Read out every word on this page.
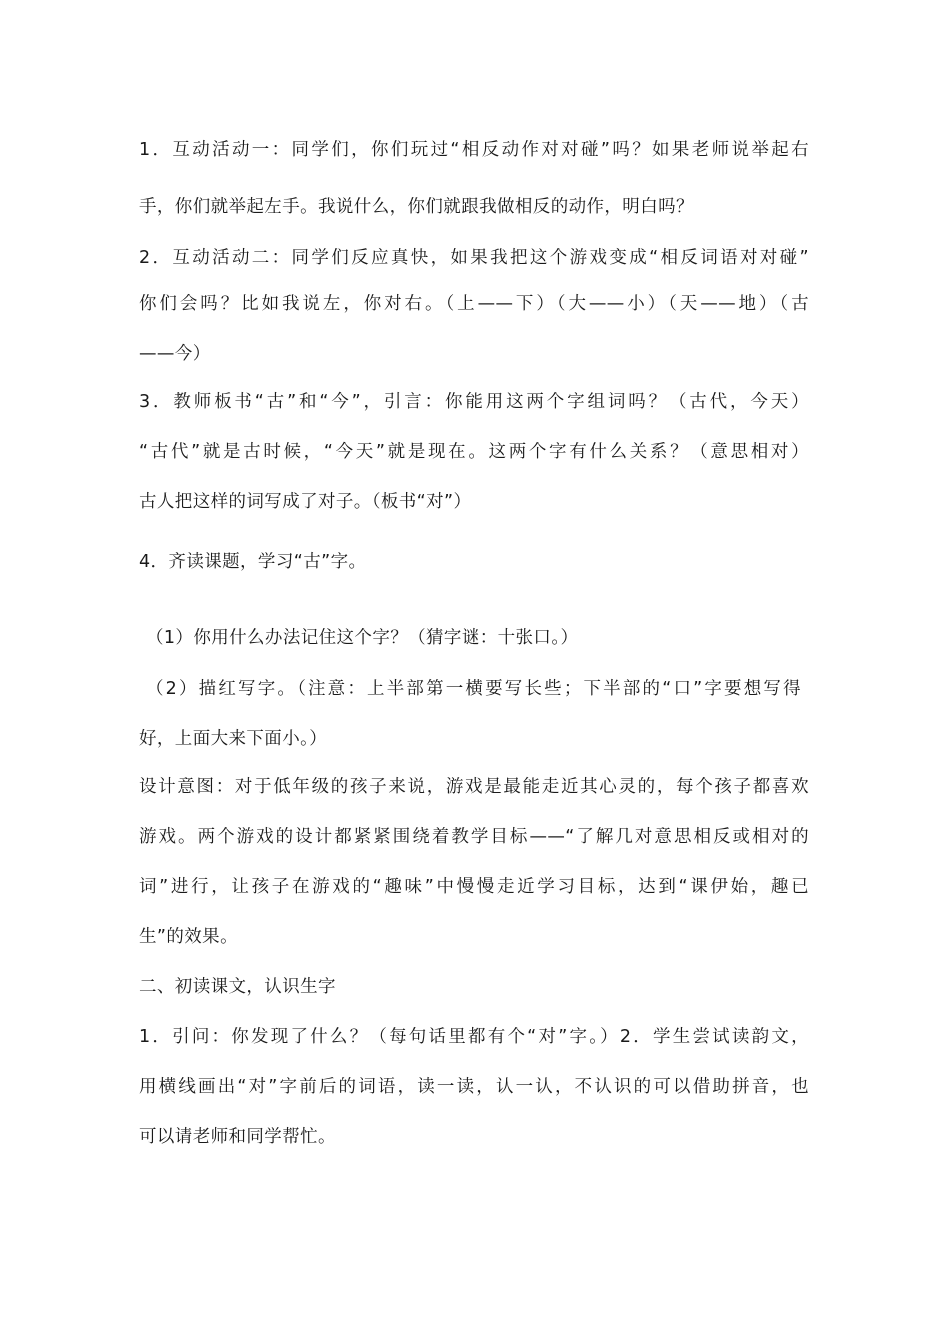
1．互动活动一：同学们，你们玩过“相反动作对对碰”吗？如果老师说举起右
手，你们就举起左手。我说什么，你们就跟我做相反的动作，明白吗？
2．互动活动二：同学们反应真快，如果我把这个游戏变成“相反词语对对碰”
你们会吗？比如我说左，你对右。（上——下）（大——小）（天——地）（古
——今）
3．教师板书“古”和“今”，引言：你能用这两个字组词吗？（古代，今天）
“古代”就是古时候，“今天”就是现在。这两个字有什么关系？（意思相对）
古人把这样的词写成了对子。（板书“对”）
4．齐读课题，学习“古”字。
（1）你用什么办法记住这个字？（猜字谜：十张口。）
（2）描红写字。（注意：上半部第一横要写长些；下半部的“口”字要想写得
好，上面大来下面小。）
设计意图：对于低年级的孩子来说，游戏是最能走近其心灵的，每个孩子都喜欢
游戏。两个游戏的设计都紧紧围绕着教学目标——“了解几对意思相反或相对的
词”进行，让孩子在游戏的“趣味”中慢慢走近学习目标，达到“课伊始，趣已
生”的效果。
二、初读课文，认识生字
1．引问：你发现了什么？（每句话里都有个“对”字。）2．学生尝试读韵文，
用横线画出“对”字前后的词语，读一读，认一认，不认识的可以借助拼音，也
可以请老师和同学帮忙。
